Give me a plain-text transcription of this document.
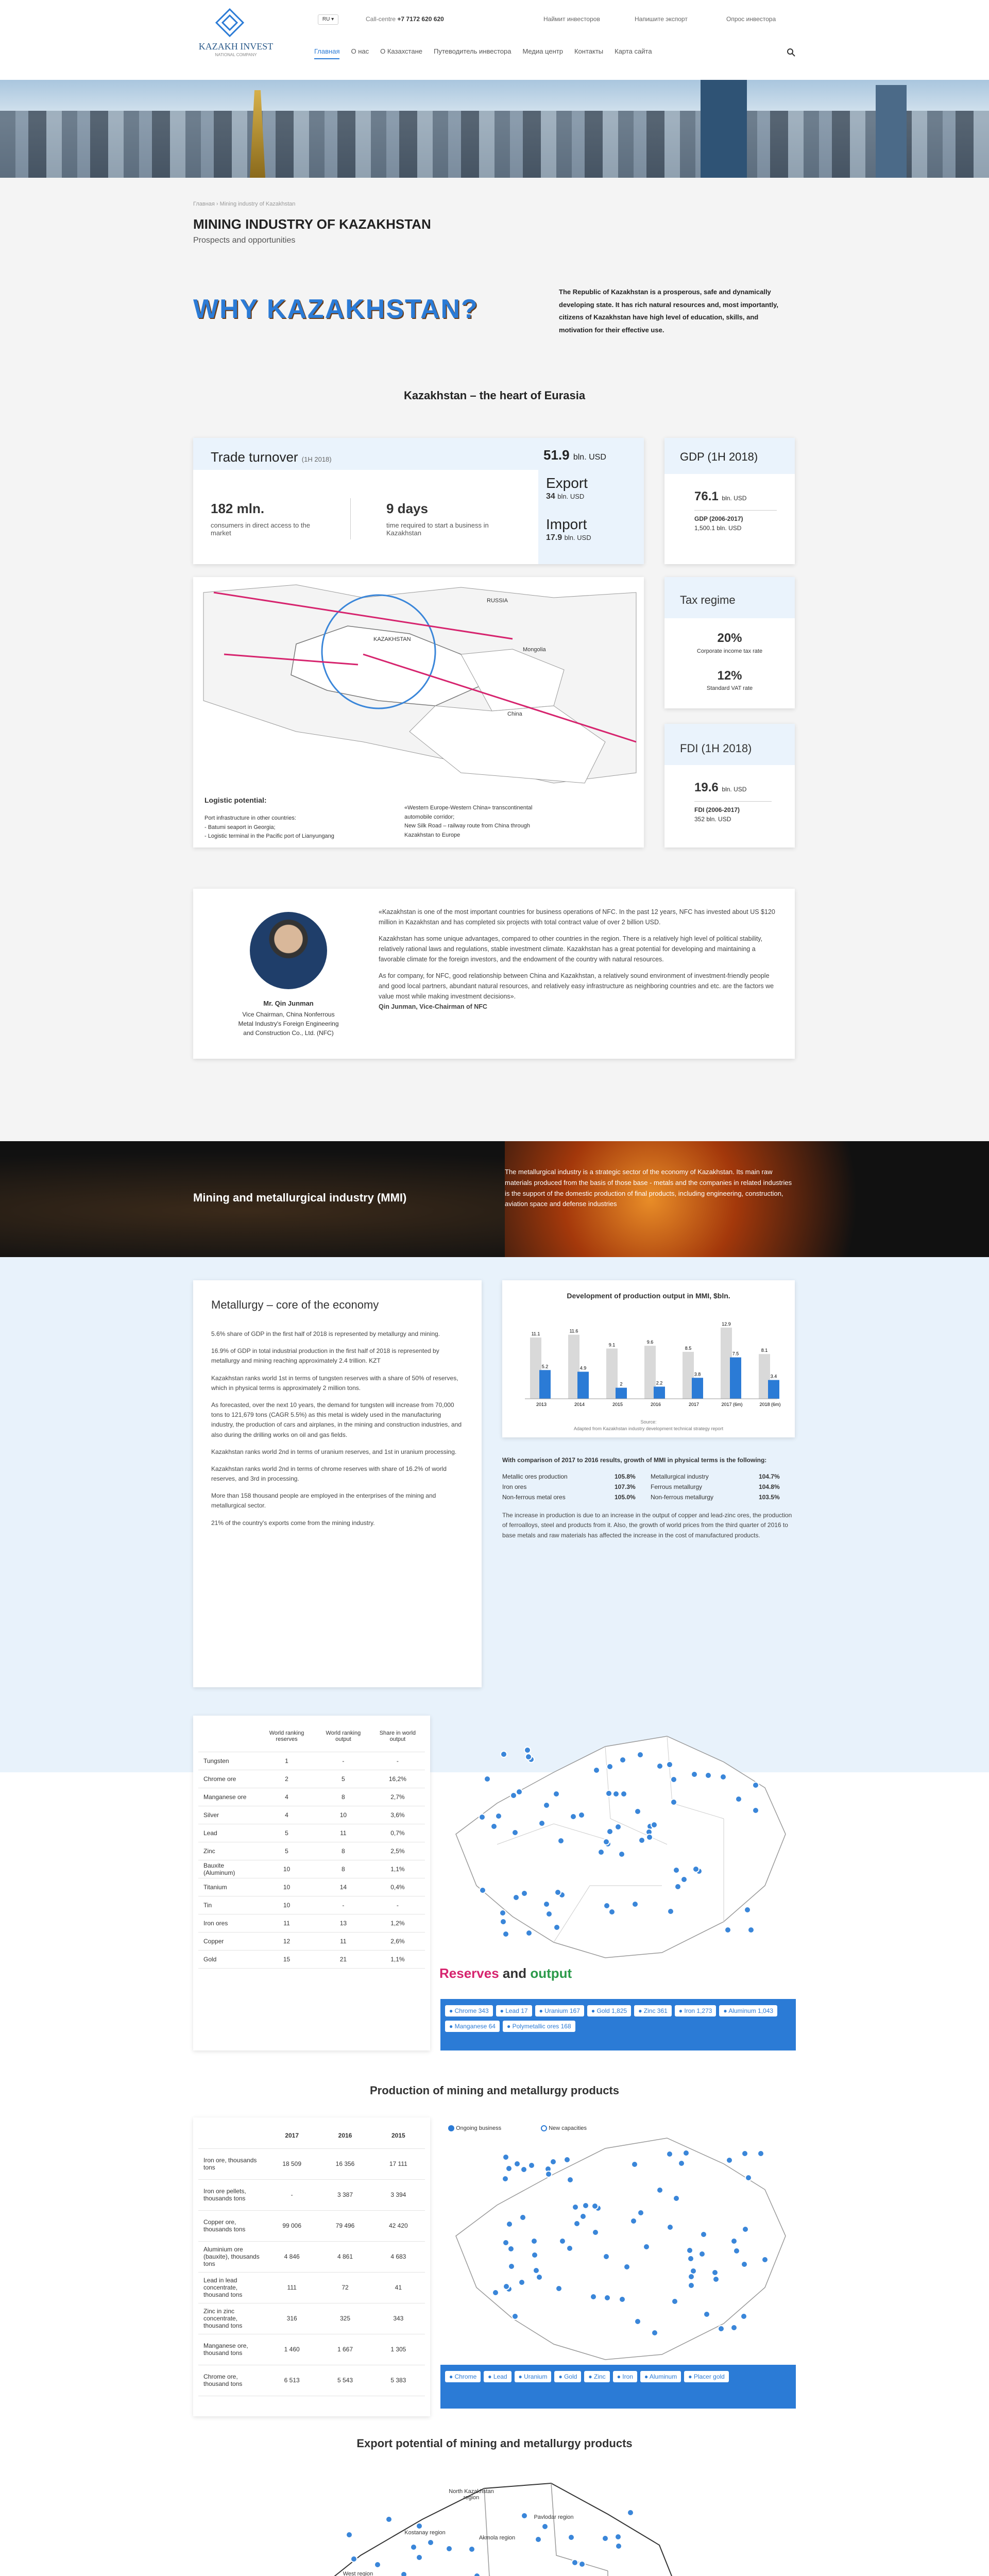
KAZAKH INVEST
NATIONAL COMPANY
RU ▾	Call-centre +7 7172 620 620	Наймит инвесторов	Напишите экспорт	Опрос инвестора
Главная О нас О Казахстане Путеводитель инвестора Медиа центр Контакты Карта сайта
Главная › Mining industry of Kazakhstan
MINING INDUSTRY OF KAZAKHSTAN
Prospects and opportunities
WHY KAZAKHSTAN?
The Republic of Kazakhstan is a prosperous, safe and dynamically developing state. It has rich natural resources and, most importantly, citizens of Kazakhstan have high level of education, skills, and motivation for their effective use.
Kazakhstan – the heart of Eurasia
Trade turnover (1H 2018)	51.9 bln. USD
182 mln.
consumers in direct access to the market
9 days
time required to start a business in Kazakhstan
Export
34 bln. USD
Import
17.9 bln. USD
GDP (1H 2018)
76.1 bln. USD
GDP (2006-2017)
1,500.1 bln. USD
RUSSIA
KAZAKHSTAN
Mongolia
China
Logistic potential:
Port infrastructure in other countries:
- Batumi seaport in Georgia;
- Logistic terminal in the Pacific port of Lianyungang
«Western Europe-Western China» transcontinental automobile corridor;
New Silk Road – railway route from China through Kazakhstan to Europe
Tax regime
20%
Corporate income tax rate
12%
Standard VAT rate
FDI (1H 2018)
19.6 bln. USD
FDI (2006-2017)
352 bln. USD
Mr. Qin Junman
Vice Chairman, China Nonferrous Metal Industry's Foreign Engineering and Construction Co., Ltd. (NFC)

«Kazakhstan is one of the most important countries for business operations of NFC. In the past 12 years, NFC has invested about US $120 million in Kazakhstan and has completed six projects with total contract value of over 2 billion USD.

Kazakhstan has some unique advantages, compared to other countries in the region. There is a relatively high level of political stability, relatively rational laws and regulations, stable investment climate. Kazakhstan has a great potential for developing and maintaining a favorable climate for the foreign investors, and the endowment of the country with natural resources.

As for company, for NFC, good relationship between China and Kazakhstan, a relatively sound environment of investment-friendly people and good local partners, abundant natural resources, and relatively easy infrastructure as neighboring countries and etc. are the factors we value most while making investment decisions».

Qin Junman, Vice-Chairman of NFC

Mining and metallurgical industry (MMI)
The metallurgical industry is a strategic sector of the economy of Kazakhstan. Its main raw materials produced from the basis of those base - metals and the companies in related industries is the support of the domestic production of final products, including engineering, construction, aviation space and defense industries
Metallurgy – core of the economy

5.6% share of GDP in the first half of 2018 is represented by metallurgy and mining.

16.9% of GDP in total industrial production in the first half of 2018 is represented by metallurgy and mining reaching approximately 2.4 trillion. KZT

Kazakhstan ranks world 1st in terms of tungsten reserves with a share of 50% of reserves, which in physical terms is approximately 2 million tons.

As forecasted, over the next 10 years, the demand for tungsten will increase from 70,000 tons to 121,679 tons (CAGR 5.5%) as this metal is widely used in the manufacturing industry, the production of cars and airplanes, in the mining and construction industries, and also during the drilling works on oil and gas fields.

Kazakhstan ranks world 2nd in terms of uranium reserves, and 1st in uranium processing.

Kazakhstan ranks world 2nd in terms of chrome reserves with share of 16.2% of world reserves, and 3rd in processing.

More than 158 thousand people are employed in the enterprises of the mining and metallurgical sector.

21% of the country's exports come from the mining industry.

Development of production output in MMI, $bln.
11.1
5.2
2013
11.6
4.9
2014
9.1
2
2015
9.6
2.2
2016
8.5
3.8
2017
12.9
7.5
2017 (6m)
8.1
3.4
2018 (6m)
Source:
Adapted from Kazakhstan industry development technical strategy report

With comparison of 2017 to 2016 results, growth of MMI in physical terms is the following:

Metallic ores production	105.8%	Metallurgical industry	104.7%
Iron ores	107.3%	Ferrous metallurgy	104.8%
Non-ferrous metal ores	105.0%	Non-ferrous metallurgy	103.5%

The increase in production is due to an increase in the output of copper and lead-zinc ores, the production of ferroalloys, steel and products from it. Also, the growth of world prices from the third quarter of 2016 to base metals and raw materials has affected the increase in the cost of manufactured products.

	World ranking reserves	World ranking output	Share in world output
Tungsten	1	-	-
Chrome ore	2	5	16,2%
Manganese ore	4	8	2,7%
Silver	4	10	3,6%
Lead	5	11	0,7%
Zinc	5	8	2,5%
Bauxite (Aluminum)	10	8	1,1%
Titanium	10	14	0,4%
Tin	10	-	-
Iron ores	11	13	1,2%
Copper	12	11	2,6%
Gold	15	21	1,1%
Reserves and output
● Chrome 343 ● Lead 17 ● Uranium 167 ● Gold 1,825 ● Zinc 361 ● Iron 1,273 ● Aluminum 1,043● Manganese 64 ● Polymetallic ores 168
Production of mining and metallurgy products
	2017	2016	2015
Iron ore, thousands tons	18 509	16 356	17 111
Iron ore pellets, thousands tons	-	3 387	3 394
Copper ore, thousands tons	99 006	79 496	42 420
Aluminium ore (bauxite), thousands tons	4 846	4 861	4 683
Lead in lead concentrate, thousand tons	111	72	41
Zinc in zinc concentrate, thousand tons	316	325	343
Manganese ore, thousand tons	1 460	1 667	1 305
Chrome ore, thousand tons	6 513	5 543	5 383
Ongoing business	New capacities
● Chrome ● Lead ● Uranium ● Gold ● Zinc ● Iron ● Aluminum ● Placer gold
Export potential of mining and metallurgy products
Pavlodar region
Akmola region
North Kazakhstan region
Kostanay region
West region
